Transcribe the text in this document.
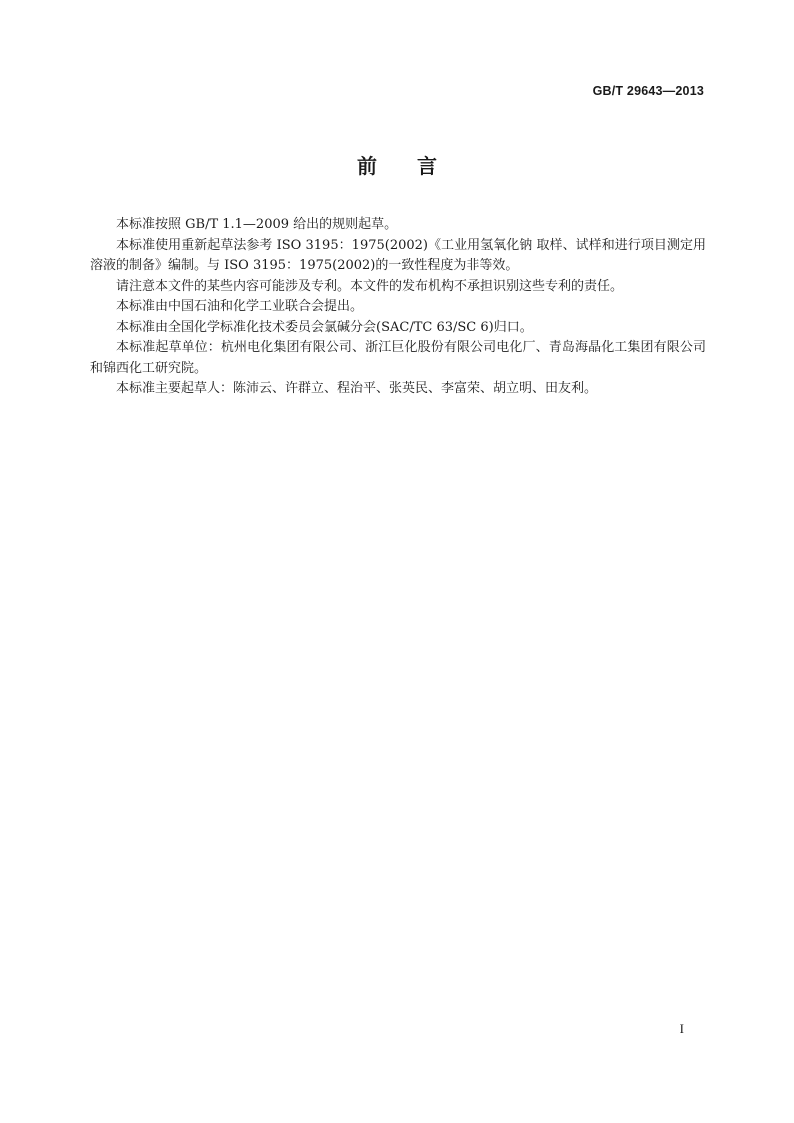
GB/T 29643—2013
前言

本标准按照 GB/T 1.1—2009 给出的规则起草。

本标准使用重新起草法参考 ISO 3195：1975(2002)《工业用氢氧化钠 取样、试样和进行项目测定用溶液的制备》编制。与 ISO 3195：1975(2002)的一致性程度为非等效。

请注意本文件的某些内容可能涉及专利。本文件的发布机构不承担识别这些专利的责任。

本标准由中国石油和化学工业联合会提出。

本标准由全国化学标准化技术委员会氯碱分会(SAC/TC 63/SC 6)归口。

本标准起草单位：杭州电化集团有限公司、浙江巨化股份有限公司电化厂、青岛海晶化工集团有限公司和锦西化工研究院。

本标准主要起草人：陈沛云、许群立、程治平、张英民、李富荣、胡立明、田友利。

I
